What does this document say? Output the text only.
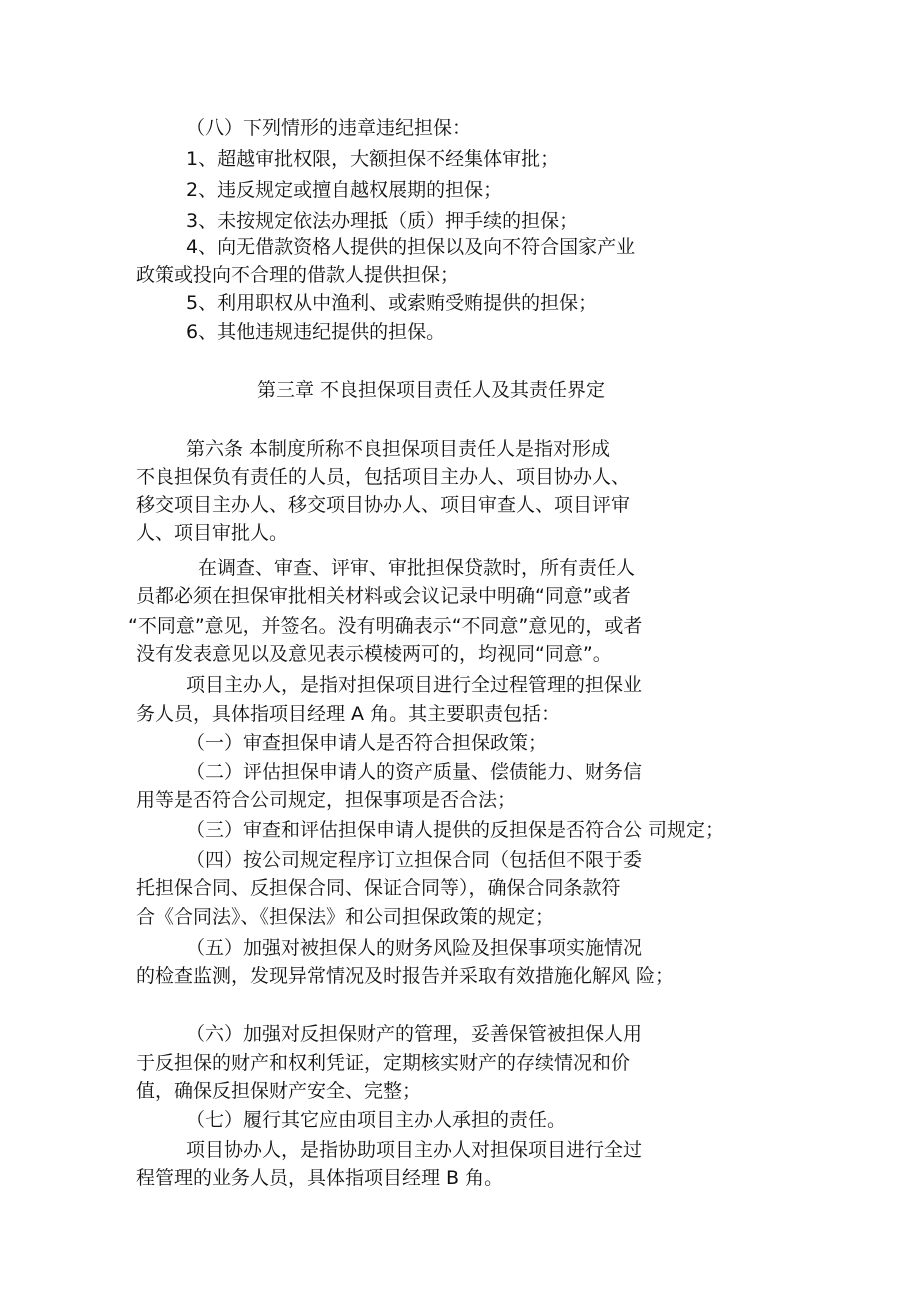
（八）下列情形的违章违纪担保：
1、超越审批权限，大额担保不经集体审批；
2、违反规定或擅自越权展期的担保；
3、未按规定依法办理抵（质）押手续的担保；
4、向无借款资格人提供的担保以及向不符合国家产业
政策或投向不合理的借款人提供担保；
5、利用职权从中渔利、或索贿受贿提供的担保；
6、其他违规违纪提供的担保。
第三章 不良担保项目责任人及其责任界定
第六条 本制度所称不良担保项目责任人是指对形成
不良担保负有责任的人员，包括项目主办人、项目协办人、
移交项目主办人、移交项目协办人、项目审查人、项目评审
人、项目审批人。
在调查、审查、评审、审批担保贷款时，所有责任人
员都必须在担保审批相关材料或会议记录中明确“同意”或者
“不同意”意见，并签名。没有明确表示“不同意”意见的，或者
没有发表意见以及意见表示模棱两可的，均视同“同意”。
项目主办人，是指对担保项目进行全过程管理的担保业
务人员，具体指项目经理 A 角。其主要职责包括：
（一）审查担保申请人是否符合担保政策；
（二）评估担保申请人的资产质量、偿债能力、财务信
用等是否符合公司规定，担保事项是否合法；
（三）审查和评估担保申请人提供的反担保是否符合公 司规定；
（四）按公司规定程序订立担保合同（包括但不限于委
托担保合同、反担保合同、保证合同等），确保合同条款符
合《合同法》、《担保法》和公司担保政策的规定；
（五）加强对被担保人的财务风险及担保事项实施情况
的检查监测，发现异常情况及时报告并采取有效措施化解风 险；
（六）加强对反担保财产的管理，妥善保管被担保人用
于反担保的财产和权利凭证，定期核实财产的存续情况和价
值，确保反担保财产安全、完整；
（七）履行其它应由项目主办人承担的责任。
项目协办人，是指协助项目主办人对担保项目进行全过
程管理的业务人员，具体指项目经理 B 角。
